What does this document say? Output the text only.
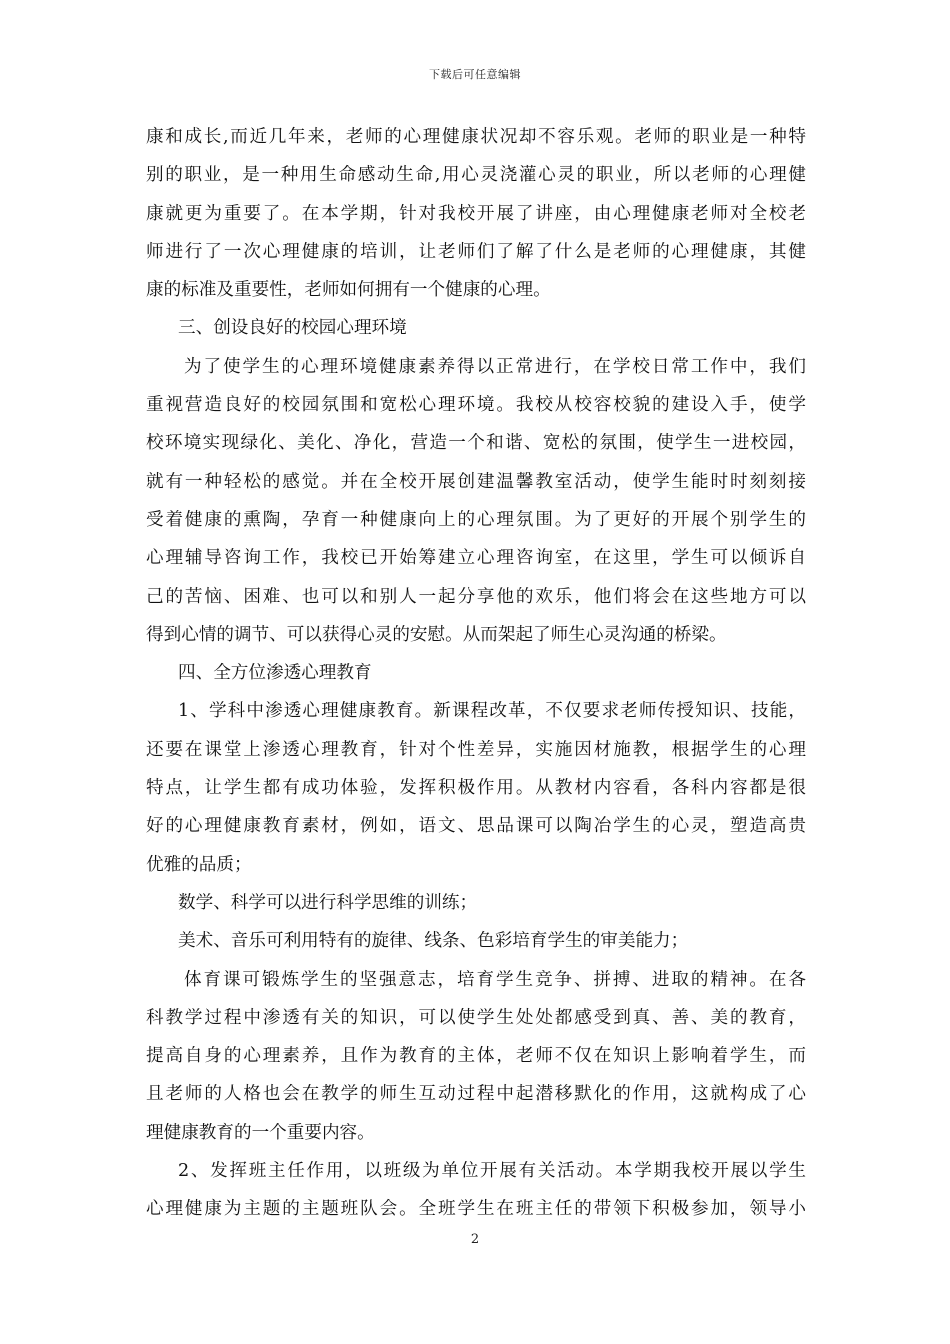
下载后可任意编辑
康和成长,而近几年来，老师的心理健康状况却不容乐观。老师的职业是一种特
别的职业，是一种用生命感动生命,用心灵浇灌心灵的职业，所以老师的心理健
康就更为重要了。在本学期，针对我校开展了讲座，由心理健康老师对全校老
师进行了一次心理健康的培训，让老师们了解了什么是老师的心理健康，其健
康的标准及重要性，老师如何拥有一个健康的心理。
三、创设良好的校园心理环境
为了使学生的心理环境健康素养得以正常进行，在学校日常工作中，我们
重视营造良好的校园氛围和宽松心理环境。我校从校容校貌的建设入手，使学
校环境实现绿化、美化、净化，营造一个和谐、宽松的氛围，使学生一进校园，
就有一种轻松的感觉。并在全校开展创建温馨教室活动，使学生能时时刻刻接
受着健康的熏陶，孕育一种健康向上的心理氛围。为了更好的开展个别学生的
心理辅导咨询工作，我校已开始筹建立心理咨询室，在这里，学生可以倾诉自
己的苦恼、困难、也可以和别人一起分享他的欢乐，他们将会在这些地方可以
得到心情的调节、可以获得心灵的安慰。从而架起了师生心灵沟通的桥梁。
四、全方位渗透心理教育
1、学科中渗透心理健康教育。新课程改革，不仅要求老师传授知识、技能，
还要在课堂上渗透心理教育，针对个性差异，实施因材施教，根据学生的心理
特点，让学生都有成功体验，发挥积极作用。从教材内容看，各科内容都是很
好的心理健康教育素材，例如，语文、思品课可以陶冶学生的心灵，塑造高贵
优雅的品质；
数学、科学可以进行科学思维的训练；
美术、音乐可利用特有的旋律、线条、色彩培育学生的审美能力；
体育课可锻炼学生的坚强意志，培育学生竞争、拼搏、进取的精神。在各
科教学过程中渗透有关的知识，可以使学生处处都感受到真、善、美的教育，
提高自身的心理素养，且作为教育的主体，老师不仅在知识上影响着学生，而
且老师的人格也会在教学的师生互动过程中起潜移默化的作用，这就构成了心
理健康教育的一个重要内容。
2、发挥班主任作用，以班级为单位开展有关活动。本学期我校开展以学生
心理健康为主题的主题班队会。全班学生在班主任的带领下积极参加，领导小
2
